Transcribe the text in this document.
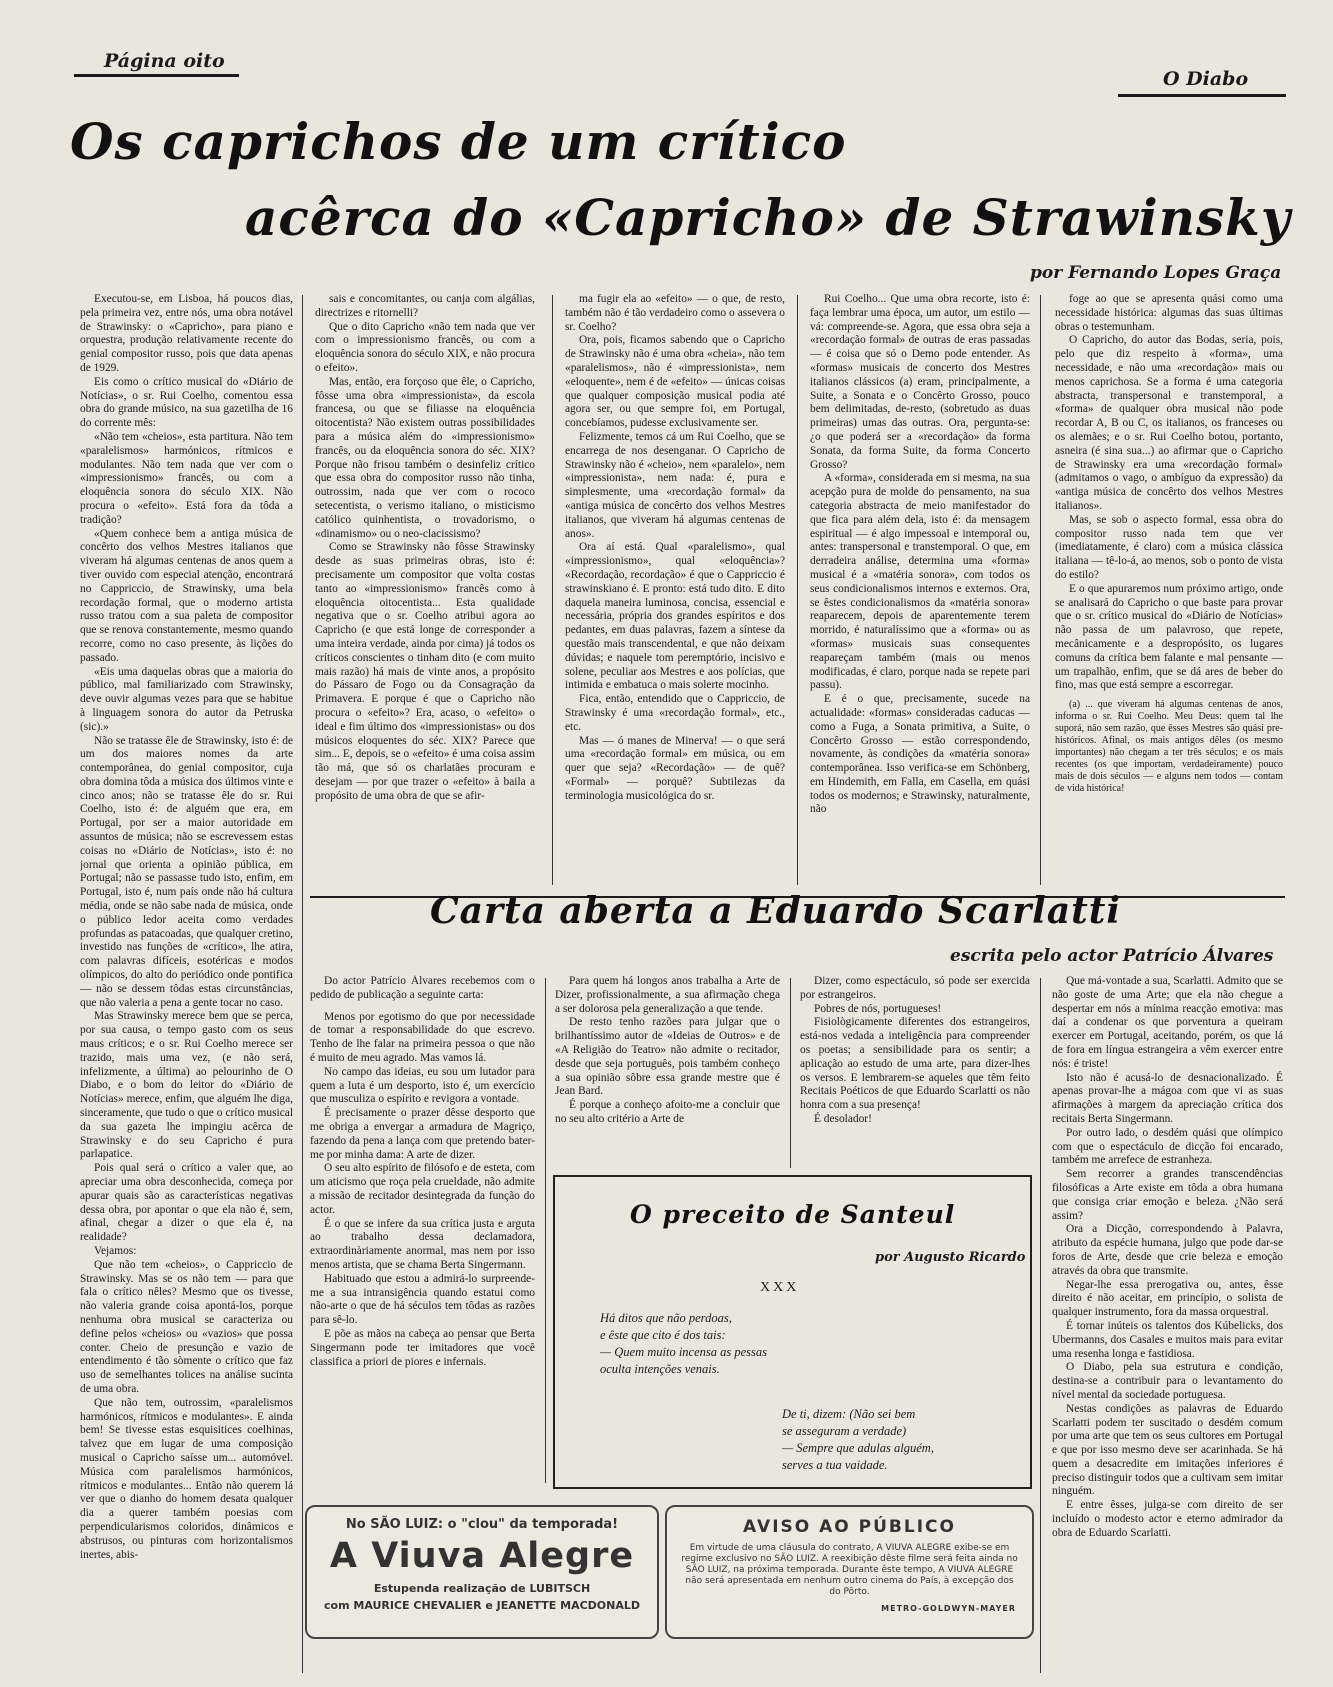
Página oito
O Diabo
Os caprichos de um crítico
acêrca do «Capricho» de Strawinsky
por Fernando Lopes Graça

Executou-se, em Lisboa, há poucos dias, pela primeira vez, entre nós, uma obra notável de Strawinsky: o «Capricho», para piano e orquestra, produção relativamente recente do genial compositor russo, pois que data apenas de 1929.

Eis como o crítico musical do «Diário de Notícias», o sr. Rui Coelho, comentou essa obra do grande músico, na sua gazetilha de 16 do corrente mês:

«Não tem «cheios», esta partitura. Não tem «paralelismos» harmónicos, rítmicos e modulantes. Não tem nada que ver com o «impressionismo» francês, ou com a eloquência sonora do século XIX. Não procura o «efeito». Está fora da tôda a tradição?

«Quem conhece bem a antiga música de concêrto dos velhos Mestres italianos que viveram há algumas centenas de anos quem a tiver ouvido com especial atenção, encontrará no Cappriccio, de Strawinsky, uma bela recordação formal, que o moderno artista russo tratou com a sua paleta de compositor que se renova constantemente, mesmo quando recorre, como no caso presente, às lições do passado.

«Eis uma daquelas obras que a maioria do público, mal familiarizado com Strawinsky, deve ouvir algumas vezes para que se habitue à linguagem sonora do autor da Petruska (sic).»

Não se tratasse êle de Strawinsky, isto é: de um dos maiores nomes da arte contemporânea, do genial compositor, cuja obra domina tôda a música dos últimos vinte e cinco anos; não se tratasse êle do sr. Rui Coelho, isto é: de alguém que era, em Portugal, por ser a maior autoridade em assuntos de música; não se escrevessem estas coisas no «Diário de Notícias», isto é: no jornal que orienta a opinião pública, em Portugal; não se passasse tudo isto, enfim, em Portugal, isto é, num país onde não há cultura média, onde se não sabe nada de música, onde o público ledor aceita como verdades profundas as patacoadas, que qualquer cretino, investido nas funções de «crítico», lhe atira, com palavras difíceis, esotéricas e modos olímpicos, do alto do periódico onde pontifica — não se dessem tôdas estas circunstâncias, que não valeria a pena a gente tocar no caso.

Mas Strawinsky merece bem que se perca, por sua causa, o tempo gasto com os seus maus críticos; e o sr. Rui Coelho merece ser trazido, mais uma vez, (e não será, infelizmente, a última) ao pelourinho de O Diabo, e o bom do leitor do «Diário de Notícias» merece, enfim, que alguém lhe diga, sinceramente, que tudo o que o crítico musical da sua gazeta lhe impingiu acêrca de Strawinsky e do seu Capricho é pura parlapatice.

Pois qual será o crítico a valer que, ao apreciar uma obra desconhecida, começa por apurar quais são as características negativas dessa obra, por apontar o que ela não é, sem, afinal, chegar a dizer o que ela é, na realidade?

Vejamos:

Que não tem «cheios», o Cappriccio de Strawinsky. Mas se os não tem — para que fala o crítico nêles? Mesmo que os tivesse, não valeria grande coisa apontá-los, porque nenhuma obra musical se caracteriza ou define pelos «cheios» ou «vazios» que possa conter. Cheio de presunção e vazio de entendimento é tão sòmente o crítico que faz uso de semelhantes tolices na análise sucinta de uma obra.

Que não tem, outrossim, «paralelismos harmónicos, rítmicos e modulantes». E ainda bem! Se tivesse estas esquisitices coelhinas, talvez que em lugar de uma composição musical o Capricho saísse um... automóvel. Música com paralelismos harmónicos, rítmicos e modulantes... Então não querem lá ver que o dianho do homem desata qualquer dia a querer também poesias com perpendicularismos coloridos, dinâmicos e abstrusos, ou pinturas com horizontalismos inertes, abis-

sais e concomitantes, ou canja com algálias, directrizes e ritornelli?

Que o dito Capricho «não tem nada que ver com o impressionismo francês, ou com a eloquência sonora do século XIX, e não procura o efeito».

Mas, então, era forçoso que êle, o Capricho, fôsse uma obra «impressionista», da escola francesa, ou que se filiasse na eloquência oitocentista? Não existem outras possibilidades para a música além do «impressionismo» francês, ou da eloquência sonora do séc. XIX? Porque não frisou também o desinfeliz crítico que essa obra do compositor russo não tinha, outrossim, nada que ver com o rococo setecentista, o verismo italiano, o misticismo católico quinhentista, o trovadorismo, o «dinamismo» ou o neo-clacissismo?

Como se Strawinsky não fôsse Strawinsky desde as suas primeiras obras, isto é: precisamente um compositor que volta costas tanto ao «impressionismo» francês como à eloquência oitocentista... Esta qualidade negativa que o sr. Coelho atribui agora ao Capricho (e que está longe de corresponder a uma inteira verdade, ainda por cima) já todos os críticos conscientes o tinham dito (e com muito mais razão) há mais de vinte anos, a propósito do Pássaro de Fogo ou da Consagração da Primavera. E porque é que o Capricho não procura o «efeito»? Era, acaso, o «efeito» o ideal e fim último dos «impressionistas» ou dos músicos eloquentes do séc. XIX? Parece que sim... E, depois, se o «efeito» é uma coisa assim tão má, que só os charlatães procuram e desejam — por que trazer o «efeito» à baila a propósito de uma obra de que se afir-

ma fugir ela ao «efeito» — o que, de resto, também não é tão verdadeiro como o assevera o sr. Coelho?

Ora, pois, ficamos sabendo que o Capricho de Strawinsky não é uma obra «cheia», não tem «paralelismos», não é «impressionista», nem «eloquente», nem é de «efeito» — únicas coisas que qualquer composição musical podia até agora ser, ou que sempre foi, em Portugal, concebíamos, pudesse exclusivamente ser.

Felizmente, temos cá um Rui Coelho, que se encarrega de nos desenganar. O Capricho de Strawinsky não é «cheio», nem «paralelo», nem «impressionista», nem nada: é, pura e simplesmente, uma «recordação formal» da «antiga música de concêrto dos velhos Mestres italianos, que viveram há algumas centenas de anos».

Ora aí está. Qual «paralelismo», qual «impressionismo», qual «eloquência»? «Recordação, recordação» é que o Cappriccio é strawinskiano é. E pronto: está tudo dito. E dito daquela maneira luminosa, concisa, essencial e necessária, própria dos grandes espíritos e dos pedantes, em duas palavras, fazem a síntese da questão mais transcendental, e que não deixam dúvidas; e naquele tom peremptório, incisivo e solene, peculiar aos Mestres e aos polícias, que intimida e embatuca o mais solerte mocinho.

Fica, então, entendido que o Cappriccio, de Strawinsky é uma «recordação formal», etc., etc.

Mas — ó manes de Minerva! — o que será uma «recordação formal» em música, ou em quer que seja? «Recordação» — de quê? «Formal» — porquê? Subtilezas da terminologia musicológica do sr.

Rui Coelho... Que uma obra recorte, isto é: faça lembrar uma época, um autor, um estilo — vá: compreende-se. Agora, que essa obra seja a «recordação formal» de outras de eras passadas — é coisa que só o Demo pode entender. As «formas» musicais de concerto dos Mestres italianos clássicos (a) eram, principalmente, a Suite, a Sonata e o Concêrto Grosso, pouco bem delimitadas, de-resto, (sobretudo as duas primeiras) umas das outras. Ora, pergunta-se: ¿o que poderá ser a «recordação» da forma Sonata, da forma Suite, da forma Concerto Grosso?

A «forma», considerada em si mesma, na sua acepção pura de molde do pensamento, na sua categoria abstracta de meio manifestador do que fica para além dela, isto é: da mensagem espiritual — é algo impessoal e intemporal ou, antes: transpersonal e transtemporal. O que, em derradeira análise, determina uma «forma» musical é a «matéria sonora», com todos os seus condicionalismos internos e externos. Ora, se êstes condicionalismos da «matéria sonora» reaparecem, depois de aparentemente terem morrido, é naturalíssimo que a «forma» ou as «formas» musicais suas consequentes reapareçam também (mais ou menos modificadas, é claro, porque nada se repete pari passu).

E é o que, precisamente, sucede na actualidade: «formas» consideradas caducas — como a Fuga, a Sonata primitiva, a Suite, o Concêrto Grosso — estão correspondendo, novamente, às condições da «matéria sonora» contemporânea. Isso verifica-se em Schönberg, em Hindemith, em Falla, em Casella, em quási todos os modernos; e Strawinsky, naturalmente, não

foge ao que se apresenta quási como uma necessidade histórica: algumas das suas últimas obras o testemunham.

O Capricho, do autor das Bodas, seria, pois, pelo que diz respeito à «forma», uma necessidade, e não uma «recordação» mais ou menos caprichosa. Se a forma é uma categoria abstracta, transpersonal e transtemporal, a «forma» de qualquer obra musical não pode recordar A, B ou C, os italianos, os franceses ou os alemães; e o sr. Rui Coelho botou, portanto, asneira (é sina sua...) ao afirmar que o Capricho de Strawinsky era uma «recordação formal» (admitamos o vago, o ambíguo da expressão) da «antiga música de concêrto dos velhos Mestres italianos».

Mas, se sob o aspecto formal, essa obra do compositor russo nada tem que ver (imediatamente, é claro) com a música clássica italiana — tê-lo-á, ao menos, sob o ponto de vista do estilo?

E o que apuraremos num próximo artigo, onde se analisará do Capricho o que baste para provar que o sr. crítico musical do «Diário de Notícias» não passa de um palavroso, que repete, mecânicamente e a despropósito, os lugares comuns da crítica bem falante e mal pensante — um trapalhão, enfim, que se dá ares de beber do fino, mas que está sempre a escorregar.

(a) ... que viveram há algumas centenas de anos, informa o sr. Rui Coelho. Meu Deus: quem tal lhe suporá, não sem razão, que êsses Mestres são quási pre-históricos. Afinal, os mais antigos dêles (os mesmo importantes) não chegam a ter três séculos; e os mais recentes (os que importam, verdadeiramente) pouco mais de dois séculos — e alguns nem todos — contam de vida histórica!

Carta aberta a Eduardo Scarlatti
escrita pelo actor Patrício Álvares

Do actor Patrício Álvares recebemos com o pedido de publicação a seguinte carta:

Menos por egotismo do que por necessidade de tomar a responsabilidade do que escrevo. Tenho de lhe falar na primeira pessoa o que não é muito de meu agrado. Mas vamos lá.

No campo das ideias, eu sou um lutador para quem a luta é um desporto, isto é, um exercício que musculiza o espírito e revigora a vontade.

É precisamente o prazer dêsse desporto que me obriga a envergar a armadura de Magriço, fazendo da pena a lança com que pretendo bater-me por minha dama: A arte de dizer.

O seu alto espírito de filósofo e de esteta, com um aticismo que roça pela crueldade, não admite a missão de recitador desintegrada da função do actor.

É o que se infere da sua crítica justa e arguta ao trabalho dessa declamadora, extraordinàriamente anormal, mas nem por isso menos artista, que se chama Berta Singermann.

Habituado que estou a admirá-lo surpreende-me a sua intransigência quando estatui como não-arte o que de há séculos tem tôdas as razões para sê-lo.

E põe as mãos na cabeça ao pensar que Berta Singermann pode ter imitadores que você classifica a priori de piores e infernais.

Para quem há longos anos trabalha a Arte de Dizer, profissionalmente, a sua afirmação chega a ser dolorosa pela generalização a que tende.

De resto tenho razões para julgar que o brilhantíssimo autor de «Ideias de Outros» e de «A Religião do Teatro» não admite o recitador, desde que seja português, pois também conheço a sua opinião sôbre essa grande mestre que é Jean Bard.

É porque a conheço afoito-me a concluir que no seu alto critério a Arte de

Dizer, como espectáculo, só pode ser exercida por estrangeiros.

Pobres de nós, portugueses!

Fisiològicamente diferentes dos estrangeiros, está-nos vedada a inteligência para compreender os poetas; a sensibilidade para os sentir; a aplicação ao estudo de uma arte, para dizer-lhes os versos. E lembrarem-se aqueles que têm feito Recitais Poéticos de que Eduardo Scarlatti os não honra com a sua presença!

É desolador!

Que má-vontade a sua, Scarlatti. Admito que se não goste de uma Arte; que ela não chegue a despertar em nós a mínima reacção emotiva: mas daí a condenar os que porventura a queiram exercer em Portugal, aceitando, porém, os que lá de fora em língua estrangeira a vêm exercer entre nós: é triste!

Isto não é acusá-lo de desnacionalizado. É apenas provar-lhe a mágoa com que vi as suas afirmações à margem da apreciação crítica dos recitais Berta Singermann.

Por outro lado, o desdém quási que olímpico com que o espectáculo de dicção foi encarado, também me arrefece de estranheza.

Sem recorrer a grandes transcendências filosóficas a Arte existe em tôda a obra humana que consiga criar emoção e beleza. ¿Não será assim?

Ora a Dicção, correspondendo à Palavra, atributo da espécie humana, julgo que pode dar-se foros de Arte, desde que crie beleza e emoção através da obra que transmite.

Negar-lhe essa prerogativa ou, antes, êsse direito é não aceitar, em princípio, o solista de qualquer instrumento, fora da massa orquestral.

É tornar inúteis os talentos dos Kúbelicks, dos Ubermanns, dos Casales e muitos mais para evitar uma resenha longa e fastidiosa.

O Diabo, pela sua estrutura e condição, destina-se a contribuir para o levantamento do nível mental da sociedade portuguesa.

Nestas condições as palavras de Eduardo Scarlatti podem ter suscitado o desdém comum por uma arte que tem os seus cultores em Portugal e que por isso mesmo deve ser acarinhada. Se há quem a desacredite em imitações inferiores é preciso distinguir todos que a cultivam sem imitar ninguém.

E entre êsses, julga-se com direito de ser incluído o modesto actor e eterno admirador da obra de Eduardo Scarlatti.

O preceito de Santeul
por Augusto Ricardo
XXX
Há ditos que não perdoas,
e êste que cito é dos tais:
— Quem muito incensa as pessas
oculta intenções venais.
De ti, dizem: (Não sei bem
se asseguram a verdade)
— Sempre que adulas alguém,
serves a tua vaidade.
No SÃO LUIZ: o "clou" da temporada!
A Viuva Alegre
Estupenda realização de LUBITSCH
com MAURICE CHEVALIER e JEANETTE MACDONALD
AVISO AO PÚBLICO
Em virtude de uma cláusula do contrato, A VIUVA ALEGRE exibe-se em regime exclusivo no SÃO LUIZ. A reexibição dêste filme será feita ainda no SÃO LUIZ, na próxima temporada. Durante êste tempo, A VIUVA ALEGRE não será apresentada em nenhum outro cinema do País, à excepção dos do Pôrto.
METRO-GOLDWYN-MAYER
